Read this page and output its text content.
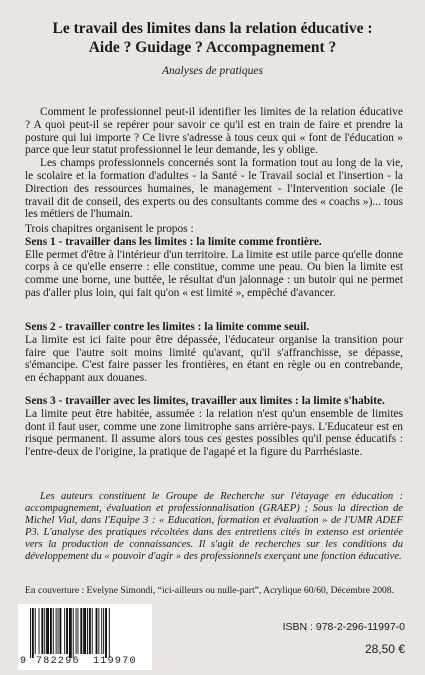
Le travail des limites dans la relation éducative :
Aide ? Guidage ? Accompagnement ?
Analyses de pratiques

Comment le professionnel peut-il identifier les limites de la relation éducative ? A quoi peut-il se repérer pour savoir ce qu'il est en train de faire et prendre la posture qui lui importe ? Ce livre s'adresse à tous ceux qui « font de l'éducation » parce que leur statut professionnel le leur demande, les y oblige.

Les champs professionnels concernés sont la formation tout au long de la vie, le scolaire et la formation d'adultes - la Santé - le Travail social et l'insertion - la Direction des ressources humaines, le management - l'Intervention sociale (le travail dit de conseil, des experts ou des consultants comme des « coachs »)... tous les métiers de l'humain.

Trois chapitres organisent le propos :

Sens 1 - travailler dans les limites : la limite comme frontière.

Elle permet d'être à l'intérieur d'un territoire. La limite est utile parce qu'elle donne corps à ce qu'elle enserre : elle constitue, comme une peau. Ou bien la limite est comme une borne, une buttée, le résultat d'un jalonnage : un butoir qui ne permet pas d'aller plus loin, qui fait qu'on « est limité », empêché d'avancer.

Sens 2 - travailler contre les limites : la limite comme seuil.

La limite est ici faite pour être dépassée, l'éducateur organise la transition pour faire que l'autre soit moins limité qu'avant, qu'il s'affranchisse, se dépasse, s'émancipe. C'est faire passer les frontières, en étant en règle ou en contrebande, en échappant aux douanes.

Sens 3 - travailler avec les limites, travailler aux limites : la limite s'habite.

La limite peut être habitée, assumée : la relation n'est qu'un ensemble de limites dont il faut user, comme une zone limitrophe sans arrière-pays. L'Educateur est en risque permanent. Il assume alors tous ces gestes possibles qu'il pense éducatifs : l'entre-deux de l'origine, la pratique de l'agapé et la figure du Parrhésiaste.

Les auteurs constituent le Groupe de Recherche sur l'étayage en éducation : accompagnement, évaluation et professionnalisation (GRAEP) ; Sous la direction de Michel Vial, dans l'Equipe 3 : « Education, formation et évaluation » de l'UMR ADEF P3. L'analyse des pratiques récoltées dans des entretiens cités in extenso est orientée vers la production de connaissances. Il s'agit de recherches sur les conditions du développement du « pouvoir d'agir » des professionnels exerçant une fonction éducative.

En couverture : Evelyne Simondi, “ici-ailleurs ou nulle-part”, Acrylique 60/60, Décembre 2008.
9 782296 119970
ISBN : 978-2-296-11997-0
28,50 €
